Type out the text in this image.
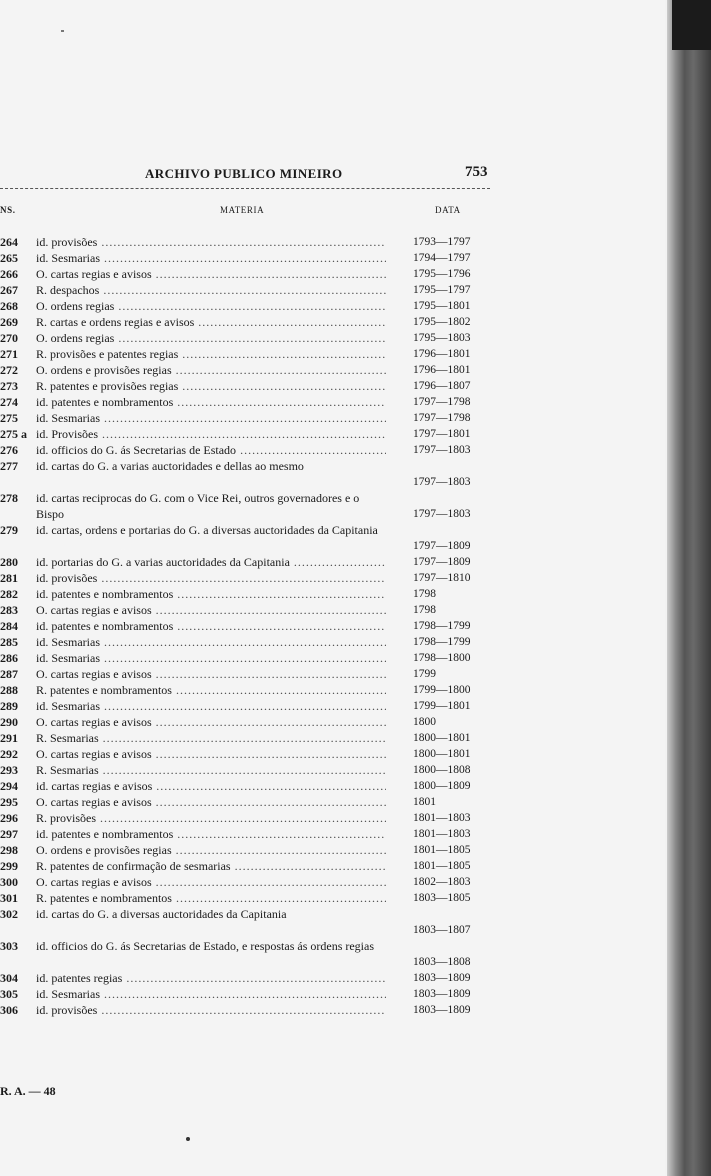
ARCHIVO PUBLICO MINEIRO	753
NS.	MATERIA	DATA
264	id. provisões .....	1793—1797
265	id. Sesmarias .....	1794—1797
266	O. cartas regias e avisos .....	1795—1796
267	R. despachos .....	1795—1797
268	O. ordens regias .....	1795—1801
269	R. cartas e ordens regias e avisos .....	1795—1802
270	O. ordens regias .....	1795—1803
271	R. provisões e patentes regias .....	1796—1801
272	O. ordens e provisões regias .....	1796—1801
273	R. patentes e provisões regias .....	1796—1807
274	id. patentes e nombramentos .....	1797—1798
275	id. Sesmarias .....	1797—1798
275 a id. Provisões .....	1797—1801
276	id. officios do G. ás Secretarias de Estado .....	1797—1803
277	id. cartas do G. a varias auctoridades e dellas ao mesmo
1797—1803
278	id. cartas reciprocas do G. com o Vice Rei, outros governadores e o Bispo	1797—1803
279	id. cartas, ordens e portarias do G. a diversas auctoridades da Capitania
1797—1809
280	id. portarias do G. a varias auctoridades da Capitania .....	1797—1809
281	id. provisões .....	1797—1810
282	id. patentes e nombramentos .....	1798
283	O. cartas regias e avisos .....	1798
284	id. patentes e nombramentos .....	1798—1799
285	id. Sesmarias .....	1798—1799
286	id. Sesmarias .....	1798—1800
287	O. cartas regias e avisos .....	1799
288	R. patentes e nombramentos .....	1799—1800
289	id. Sesmarias .....	1799—1801
290	O. cartas regias e avisos .....	1800
291	R. Sesmarias .....	1800—1801
292	O. cartas regias e avisos .....	1800—1801
293	R. Sesmarias .....	1800—1808
294	id. cartas regias e avisos .....	1800—1809
295	O. cartas regias e avisos .....	1801
296	R. provisões .....	1801—1803
297	id. patentes e nombramentos .....	1801—1803
298	O. ordens e provisões regias .....	1801—1805
299	R. patentes de confirmação de sesmarias .....	1801—1805
300	O. cartas regias e avisos .....	1802—1803
301	R. patentes e nombramentos .....	1803—1805
302	id. cartas do G. a diversas auctoridades da Capitania
1803—1807
303	id. officios do G. ás Secretarias de Estado, e respostas ás ordens regias
1803—1808
304	id. patentes regias .....	1803—1809
305	id. Sesmarias .....	1803—1809
306	id. provisões .....	1803—1809
R. A. — 48
